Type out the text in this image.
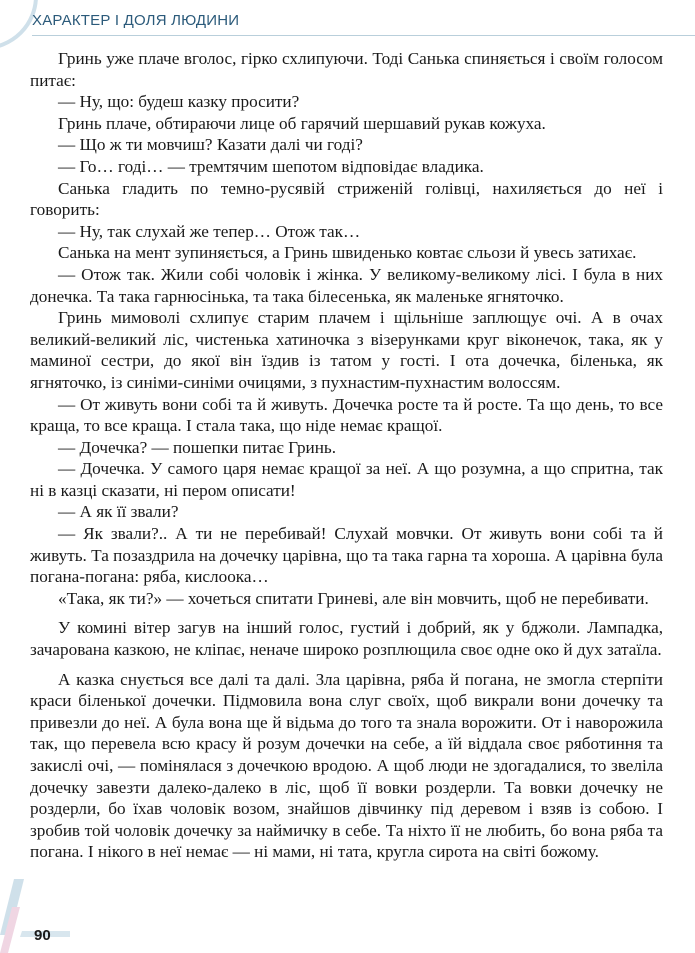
ХАРАКТЕР І ДОЛЯ ЛЮДИНИ

Гринь уже плаче вголос, гірко схлипуючи. Тоді Санька спиняється і своїм голосом питає:

— Ну, що: будеш казку просити?

Гринь плаче, обтираючи лице об гарячий шершавий рукав кожуха.

— Що ж ти мовчиш? Казати далі чи годі?

— Го… годі… — тремтячим шепотом відповідає владика.

Санька гладить по темно-русявій стриженій голівці, нахиляється до неї і говорить:

— Ну, так слухай же тепер… Отож так…

Санька на мент зупиняється, а Гринь швиденько ковтає сльози й увесь затихає.

— Отож так. Жили собі чоловік і жінка. У великому-великому лісі. І була в них донечка. Та така гарнюсінька, та така білесенька, як маленьке ягняточко.

Гринь мимоволі схлипує старим плачем і щільніше заплющує очі. А в очах великий-великий ліс, чистенька хатиночка з візерунками круг віконечок, така, як у маминої сестри, до якої він їздив із татом у гості. І ота дочечка, біленька, як ягняточко, із синіми-синіми очицями, з пухнастим-пухнастим волоссям.

— От живуть вони собі та й живуть. Дочечка росте та й росте. Та що день, то все краща, то все краща. І стала така, що ніде немає кращої.

— Дочечка? — пошепки питає Гринь.

— Дочечка. У самого царя немає кращої за неї. А що розумна, а що спритна, так ні в казці сказати, ні пером описати!

— А як її звали?

— Як звали?.. А ти не перебивай! Слухай мовчки. От живуть вони собі та й живуть. Та позаздрила на дочечку царівна, що та така гарна та хороша. А царівна була погана-погана: ряба, кислоока…

«Така, як ти?» — хочеться спитати Гриневі, але він мовчить, щоб не перебивати.

У комині вітер загув на інший голос, густий і добрий, як у бджоли. Лампадка, зачарована казкою, не кліпає, неначе широко розплющила своє одне око й дух затаїла.

А казка снується все далі та далі. Зла царівна, ряба й погана, не змогла стерпіти краси біленької дочечки. Підмовила вона слуг своїх, щоб викрали вони дочечку та привезли до неї. А була вона ще й відьма до того та знала ворожити. От і наворожила так, що перевела всю красу й розум дочечки на себе, а їй віддала своє ряботиння та закислі очі, — помінялася з дочечкою вродою. А щоб люди не здогадалися, то звеліла дочечку завезти далеко-далеко в ліс, щоб її вовки роздерли. Та вовки дочечку не роздерли, бо їхав чоловік возом, знайшов дівчинку під деревом і взяв із собою. І зробив той чоловік дочечку за наймичку в себе. Та ніхто її не любить, бо вона ряба та погана. І нікого в неї немає — ні мами, ні тата, кругла сирота на світі божому.

90
